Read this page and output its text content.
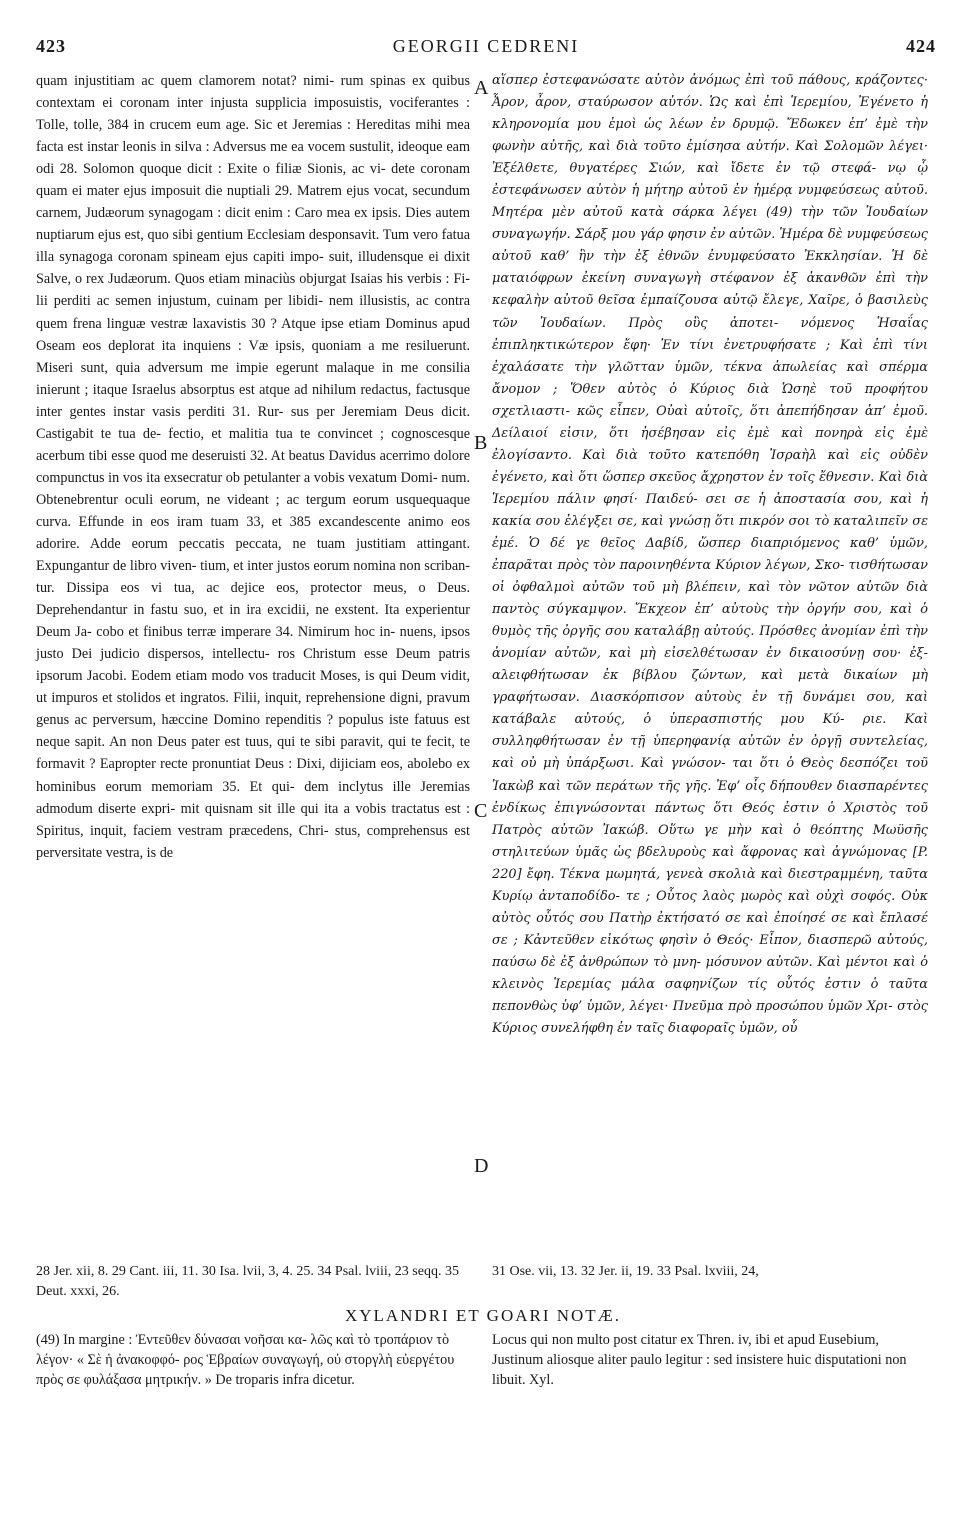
423	GEORGII CEDRENI	424

quam injustitiam ac quem clamorem notat? nimi- rum spinas ex quibus contextam ei coronam inter injusta supplicia imposuistis, vociferantes : Tolle, tolle, 384 in crucem eum age. Sic et Jeremias : Hereditas mihi mea facta est instar leonis in silva : Adversus me ea vocem sustulit, ideoque eam odi 28. Solomon quoque dicit : Exite o filiæ Sionis, ac vi- dete coronam quam ei mater ejus imposuit die nuptiali 29. Matrem ejus vocat, secundum carnem, Judæorum synagogam : dicit enim : Caro mea ex ipsis. Dies autem nuptiarum ejus est, quo sibi gentium Ecclesiam desponsavit. Tum vero fatua illa synagoga coronam spineam ejus capiti impo- suit, illudensque ei dixit Salve, o rex Judæorum. Quos etiam minaciùs objurgat Isaias his verbis : Fi- lii perditi ac semen injustum, cuinam per libidi- nem illusistis, ac contra quem frena linguæ vestræ laxavistis 30 ? Atque ipse etiam Dominus apud Oseam eos deplorat ita inquiens : Væ ipsis, quoniam a me resiluerunt. Miseri sunt, quia adversum me impie egerunt malaque in me consilia inierunt ; itaque Israelus absorptus est atque ad nihilum redactus, factusque inter gentes instar vasis perditi 31. Rur- sus per Jeremiam Deus dicit. Castigabit te tua de- fectio, et malitia tua te convincet ; cognoscesque acerbum tibi esse quod me deseruisti 32. At beatus Davidus acerrimo dolore compunctus in vos ita exsecratur ob petulanter a vobis vexatum Domi- num. Obtenebrentur oculi eorum, ne videant ; ac tergum eorum usquequaque curva. Effunde in eos iram tuam 33, et 385 excandescente animo eos adorire. Adde eorum peccatis peccata, ne tuam justitiam attingant. Expungantur de libro viven- tium, et inter justos eorum nomina non scriban- tur. Dissipa eos vi tua, ac dejice eos, protector meus, o Deus. Deprehendantur in fastu suo, et in ira excidii, ne exstent. Ita experientur Deum Ja- cobo et finibus terræ imperare 34. Nimirum hoc in- nuens, ipsos justo Dei judicio dispersos, intellectu- ros Christum esse Deum patris ipsorum Jacobi. Eodem etiam modo vos traducit Moses, is qui Deum vidit, ut impuros et stolidos et ingratos. Filii, inquit, reprehensione digni, pravum genus ac perversum, hæccine Domino rependitis ? populus iste fatuus est neque sapit. An non Deus pater est tuus, qui te sibi paravit, qui te fecit, te formavit ? Eapropter recte pronuntiat Deus : Dixi, dijiciam eos, abolebo ex hominibus eorum memoriam 35. Et qui- dem inclytus ille Jeremias admodum diserte expri- mit quisnam sit ille qui ita a vobis tractatus est : Spiritus, inquit, faciem vestram præcedens, Chri- stus, comprehensus est perversitate vestra, is de

A
B
C
D

αἵσπερ ἐστεφανώσατε αὐτὸν ἀνόμως ἐπὶ τοῦ πάθους, κράζοντες· Ἆρον, ἆρον, σταύρωσον αὐτόν. Ὡς καὶ ἐπὶ Ἱερεμίου, Ἐγένετο ἡ κληρονομία μου ἐμοὶ ὡς λέων ἐν δρυμῷ. Ἔδωκεν ἐπ’ ἐμὲ τὴν φωνὴν αὐτῆς, καὶ διὰ τοῦτο ἐμίσησα αὐτήν. Καὶ Σολομῶν λέγει· Ἐξέλθετε, θυγατέρες Σιών, καὶ ἴδετε ἐν τῷ στεφά- νῳ ᾧ ἐστεφάνωσεν αὐτὸν ἡ μήτηρ αὐτοῦ ἐν ἡμέρᾳ νυμφεύσεως αὐτοῦ. Μητέρα μὲν αὐτοῦ κατὰ σάρκα λέγει (49) τὴν τῶν Ἰουδαίων συναγωγήν. Σάρξ μου γάρ φησιν ἐν αὐτῶν. Ἡμέρα δὲ νυμφεύσεως αὐτοῦ καθ’ ἣν τὴν ἐξ ἐθνῶν ἐνυμφεύσατο Ἐκκλησίαν. Ἡ δὲ ματαιόφρων ἐκείνη συναγωγὴ στέφανον ἐξ ἀκανθῶν ἐπὶ τὴν κεφαλὴν αὐτοῦ θεῖσα ἐμπαίζουσα αὐτῷ ἔλεγε, Χαῖρε, ὁ βασιλεὺς τῶν Ἰουδαίων. Πρὸς οὓς ἀποτει- νόμενος Ἡσαΐας ἐπιπληκτικώτερον ἔφη· Ἐν τίνι ἐνετρυφήσατε ; Καὶ ἐπὶ τίνι ἐχαλάσατε τὴν γλῶτταν ὑμῶν, τέκνα ἀπωλείας καὶ σπέρμα ἄνομον ; Ὅθεν αὐτὸς ὁ Κύριος διὰ Ὡσηὲ τοῦ προφήτου σχετλιαστι- κῶς εἶπεν, Οὐαὶ αὐτοῖς, ὅτι ἀπεπήδησαν ἀπ’ ἐμοῦ. Δείλαιοί εἰσιν, ὅτι ἠσέβησαν εἰς ἐμὲ καὶ πονηρὰ εἰς ἐμὲ ἐλογίσαντο. Καὶ διὰ τοῦτο κατεπόθη Ἰσραὴλ καὶ εἰς οὐδὲν ἐγένετο, καὶ ὅτι ὥσπερ σκεῦος ἄχρηστον ἐν τοῖς ἔθνεσιν. Καὶ διὰ Ἱερεμίου πάλιν φησί· Παιδεύ- σει σε ἡ ἀποστασία σου, καὶ ἡ κακία σου ἐλέγξει σε, καὶ γνώσῃ ὅτι πικρόν σοι τὸ καταλιπεῖν σε ἐμέ. Ὁ δέ γε θεῖος Δαβίδ, ὥσπερ διαπριόμενος καθ’ ὑμῶν, ἐπαρᾶται πρὸς τὸν παροινηθέντα Κύριον λέγων, Σκο- τισθήτωσαν οἱ ὀφθαλμοὶ αὐτῶν τοῦ μὴ βλέπειν, καὶ τὸν νῶτον αὐτῶν διὰ παντὸς σύγκαμψον. Ἔκχεον ἐπ’ αὐτοὺς τὴν ὀργήν σου, καὶ ὁ θυμὸς τῆς ὀργῆς σου καταλάβῃ αὐτούς. Πρόσθες ἀνομίαν ἐπὶ τὴν ἀνομίαν αὐτῶν, καὶ μὴ εἰσελθέτωσαν ἐν δικαιοσύνῃ σου· ἐξ- αλειφθήτωσαν ἐκ βίβλου ζώντων, καὶ μετὰ δικαίων μὴ γραφήτωσαν. Διασκόρπισον αὐτοὺς ἐν τῇ δυνάμει σου, καὶ κατάβαλε αὐτούς, ὁ ὑπερασπιστής μου Κύ- ριε. Καὶ συλληφθήτωσαν ἐν τῇ ὑπερηφανίᾳ αὐτῶν ἐν ὀργῇ συντελείας, καὶ οὐ μὴ ὑπάρξωσι. Καὶ γνώσον- ται ὅτι ὁ Θεὸς δεσπόζει τοῦ Ἰακὼβ καὶ τῶν περάτων τῆς γῆς. Ἐφ’ οἷς δήπουθεν διασπαρέντες ἐνδίκως ἐπιγνώσονται πάντως ὅτι Θεός ἐστιν ὁ Χριστὸς τοῦ Πατρὸς αὐτῶν Ἰακώβ. Οὕτω γε μὴν καὶ ὁ θεόπτης Μωϋσῆς στηλιτεύων ὑμᾶς ὡς βδελυροὺς καὶ ἄφρονας καὶ ἀγνώμονας [P. 220] ἔφη. Τέκνα μωμητά, γενεὰ σκολιὰ καὶ διεστραμμένη, ταῦτα Κυρίῳ ἀνταποδίδο- τε ; Οὗτος λαὸς μωρὸς καὶ οὐχὶ σοφός. Οὐκ αὐτὸς οὗτός σου Πατὴρ ἐκτήσατό σε καὶ ἐποίησέ σε καὶ ἔπλασέ σε ; Κἀντεῦθεν εἰκότως φησὶν ὁ Θεός· Εἶπον, διασπερῶ αὐτούς, παύσω δὲ ἐξ ἀνθρώπων τὸ μνη- μόσυνον αὐτῶν. Καὶ μέντοι καὶ ὁ κλεινὸς Ἱερεμίας μάλα σαφηνίζων τίς οὗτός ἐστιν ὁ ταῦτα πεπονθὼς ὑφ’ ὑμῶν, λέγει· Πνεῦμα πρὸ προσώπου ὑμῶν Χρι- στὸς Κύριος συνελήφθη ἐν ταῖς διαφοραῖς ὑμῶν, οὗ

28 Jer. xii, 8. 29 Cant. iii, 11. 30 Isa. lvii, 3, 4. 25. 34 Psal. lviii, 23 seqq. 35 Deut. xxxi, 26.
31 Ose. vii, 13. 32 Jer. ii, 19. 33 Psal. lxviii, 24,
XYLANDRI ET GOARI NOTÆ.

(49) In margine : Ἐντεῦθεν δύνασαι νοῆσαι κα- λῶς καὶ τὸ τροπάριον τὸ λέγον· « Σὲ ἡ ἀνακοφφό- ρος Ἑβραίων συναγωγή, οὐ στοργλὴ εὐεργέτου πρὸς σε φυλάξασα μητρικήν. » De troparis infra dicetur.

Locus qui non multo post citatur ex Thren. iv, ibi et apud Eusebium, Justinum aliosque aliter paulo legitur : sed insistere huic disputationi non libuit. Xyl.
